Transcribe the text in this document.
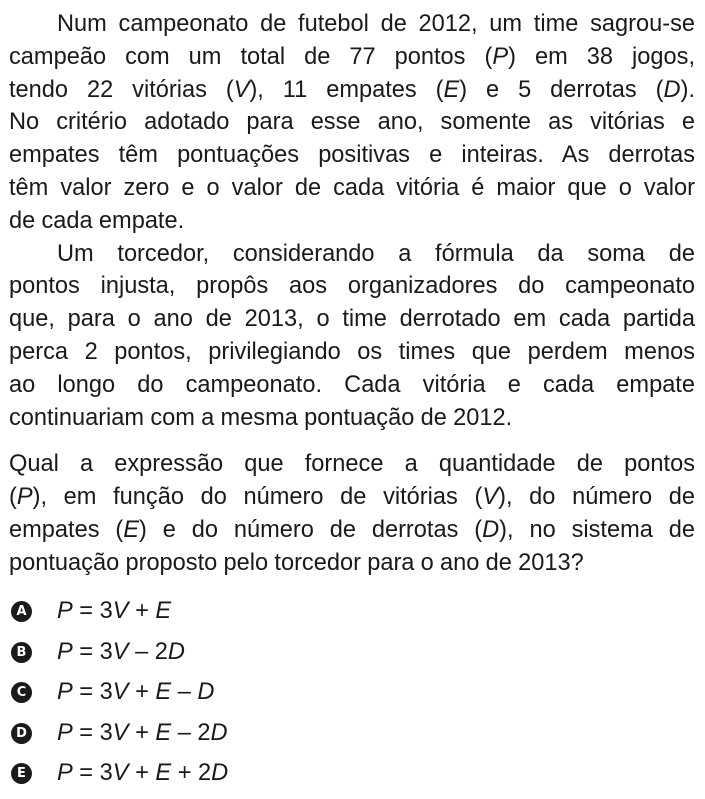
Num campeonato de futebol de 2012, um time sagrou-se
campeão com um total de 77 pontos (P) em 38 jogos,
tendo 22 vitórias (V), 11 empates (E) e 5 derrotas (D).
No critério adotado para esse ano, somente as vitórias e
empates têm pontuações positivas e inteiras. As derrotas
têm valor zero e o valor de cada vitória é maior que o valor
de cada empate.

Um torcedor, considerando a fórmula da soma de
pontos injusta, propôs aos organizadores do campeonato
que, para o ano de 2013, o time derrotado em cada partida
perca 2 pontos, privilegiando os times que perdem menos
ao longo do campeonato. Cada vitória e cada empate
continuariam com a mesma pontuação de 2012.

Qual a expressão que fornece a quantidade de pontos
(P), em função do número de vitórias (V), do número de
empates (E) e do número de derrotas (D), no sistema de
pontuação proposto pelo torcedor para o ano de 2013?

A P = 3V + E
B P = 3V – 2D
C P = 3V + E – D
D P = 3V + E – 2D
E P = 3V + E + 2D
